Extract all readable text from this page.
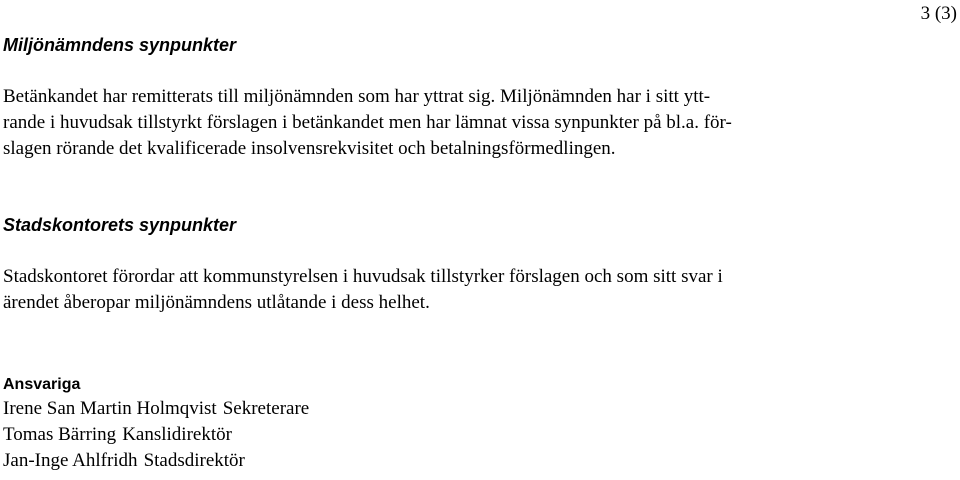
3 (3)
Miljönämndens synpunkter

Betänkandet har remitterats till miljönämnden som har yttrat sig. Miljönämnden har i sitt ytt-
rande i huvudsak tillstyrkt förslagen i betänkandet men har lämnat vissa synpunkter på bl.a. för-
slagen rörande det kvalificerade insolvensrekvisitet och betalningsförmedlingen.

Stadskontorets synpunkter

Stadskontoret förordar att kommunstyrelsen i huvudsak tillstyrker förslagen och som sitt svar i
ärendet åberopar miljönämndens utlåtande i dess helhet.

Ansvariga
Irene San Martin Holmqvist Sekreterare
Tomas Bärring Kanslidirektör
Jan-Inge Ahlfridh Stadsdirektör
